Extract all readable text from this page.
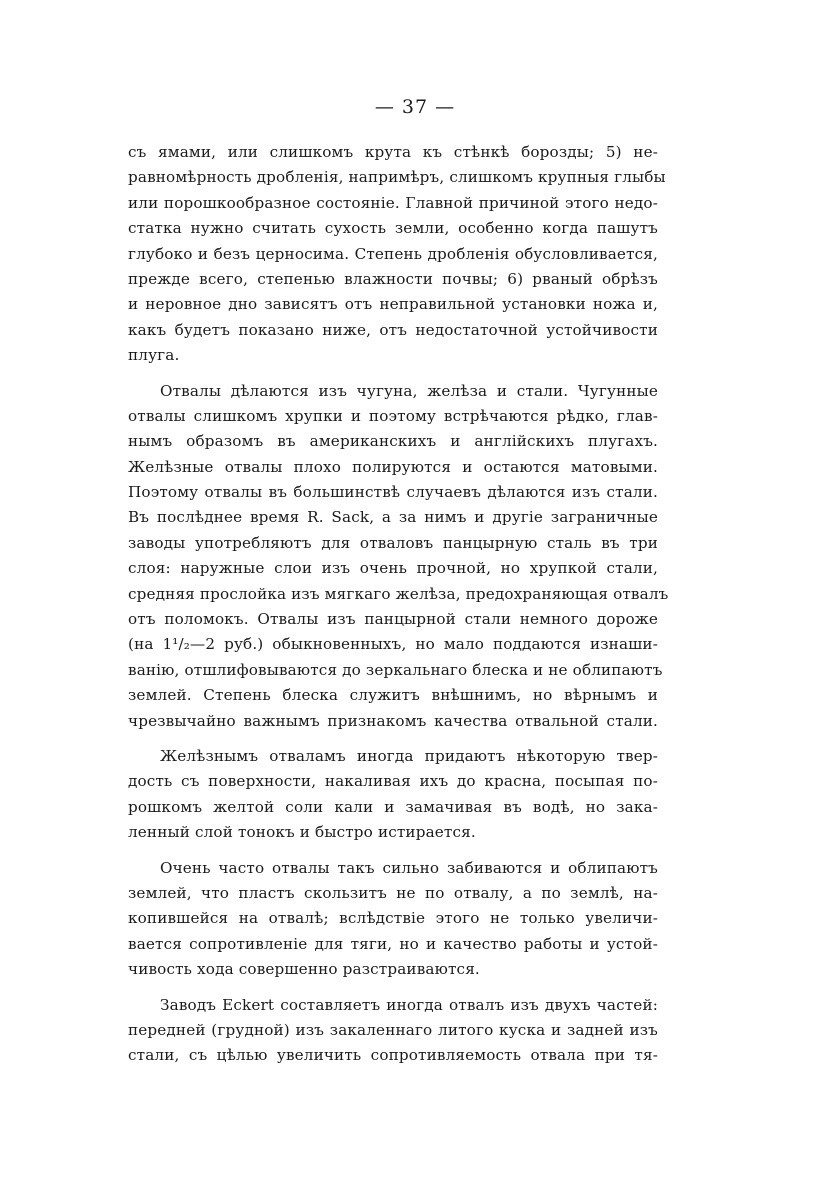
— 37 —
съ ямами, или слишкомъ крута къ стѣнкѣ борозды; 5) не-
равномѣрность дробленія, напримѣръ, слишкомъ крупныя глыбы
или порошкообразное состояніе. Главной причиной этого недо-
статка нужно считать сухость земли, особенно когда пашутъ
глубоко и безъ церносима. Степень дробленія обусловливается,
прежде всего, степенью влажности почвы; 6) рваный обрѣзъ
и неровное дно зависятъ отъ неправильной установки ножа и,
какъ будетъ показано ниже, отъ недостаточной устойчивости
плуга.
Отвалы дѣлаются изъ чугуна, желѣза и стали. Чугунные
отвалы слишкомъ хрупки и поэтому встрѣчаются рѣдко, глав-
нымъ образомъ въ американскихъ и англійскихъ плугахъ.
Желѣзные отвалы плохо полируются и остаются матовыми.
Поэтому отвалы въ большинствѣ случаевъ дѣлаются изъ стали.
Въ послѣднее время R. Sack, а за нимъ и другіе заграничные
заводы употребляютъ для отваловъ панцырную сталь въ три
слоя: наружные слои изъ очень прочной, но хрупкой стали,
средняя прослойка изъ мягкаго желѣза, предохраняющая отвалъ
отъ поломокъ. Отвалы изъ панцырной стали немного дороже
(на 1¹/₂—2 руб.) обыкновенныхъ, но мало поддаются изнаши-
ванію, отшлифовываются до зеркальнаго блеска и не облипаютъ
землей. Степень блеска служитъ внѣшнимъ, но вѣрнымъ и
чрезвычайно важнымъ признакомъ качества отвальной стали.
Желѣзнымъ отваламъ иногда придаютъ нѣкоторую твер-
дость съ поверхности, накаливая ихъ до красна, посыпая по-
рошкомъ желтой соли кали и замачивая въ водѣ, но зака-
ленный слой тонокъ и быстро истирается.
Очень часто отвалы такъ сильно забиваются и облипаютъ
землей, что пластъ скользитъ не по отвалу, а по землѣ, на-
копившейся на отвалѣ; вслѣдствіе этого не только увеличи-
вается сопротивленіе для тяги, но и качество работы и устой-
чивость хода совершенно разстраиваются.
Заводъ Eckert составляетъ иногда отвалъ изъ двухъ частей:
передней (грудной) изъ закаленнаго литого куска и задней изъ
стали, съ цѣлью увеличить сопротивляемость отвала при тя-
